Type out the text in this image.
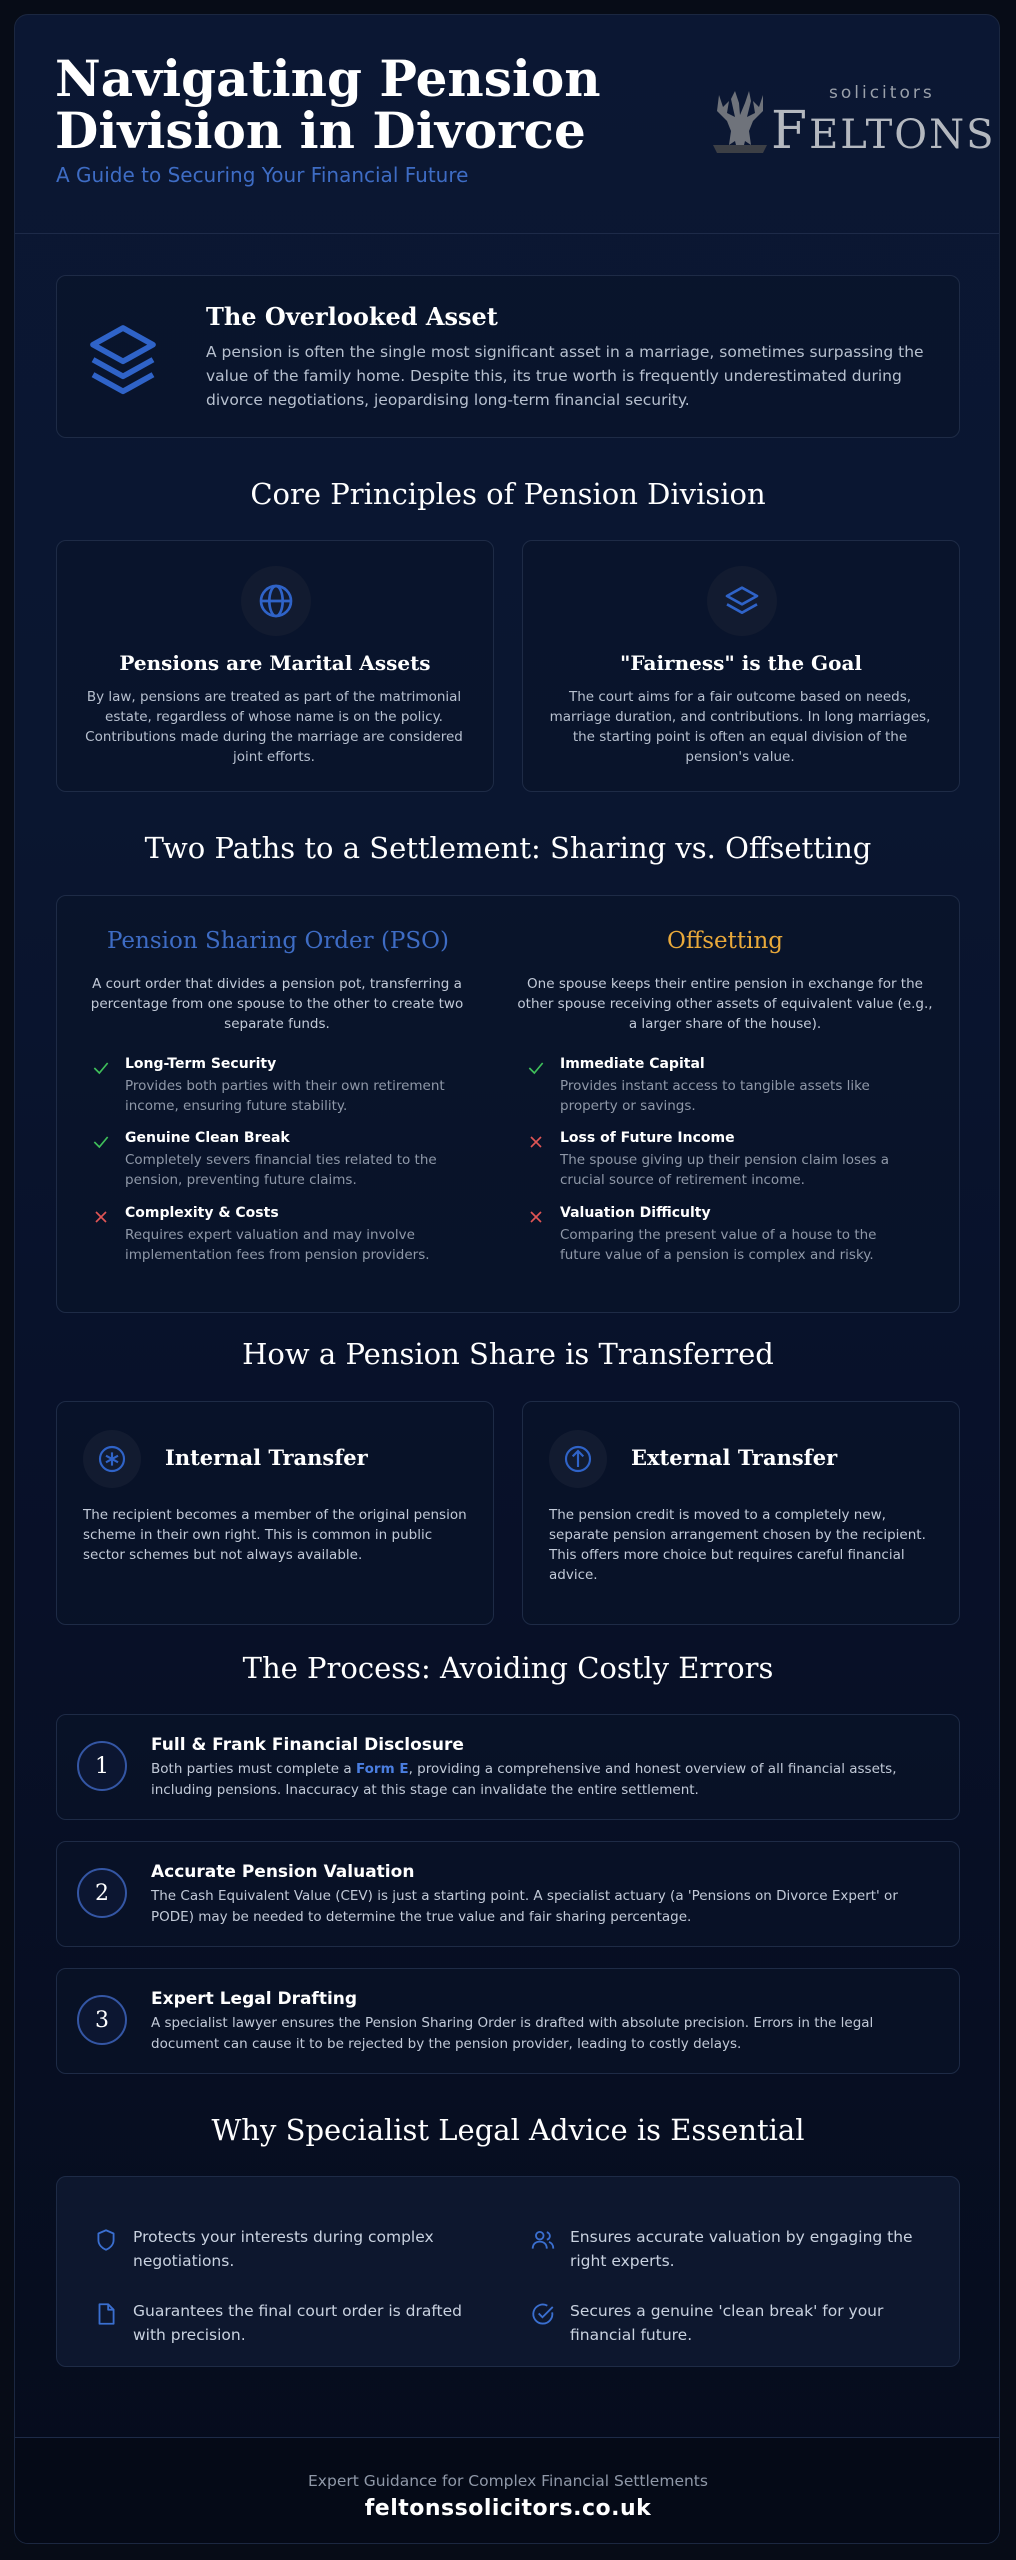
Navigating Pension
Division in Divorce
A Guide to Securing Your Financial Future
solicitors
FELTONS
The Overlooked Asset
A pension is often the single most significant asset in a marriage, sometimes surpassing the value of the family home. Despite this, its true worth is frequently underestimated during divorce negotiations, jeopardising long-term financial security.
Core Principles of Pension Division
Pensions are Marital Assets
By law, pensions are treated as part of the matrimonial estate, regardless of whose name is on the policy. Contributions made during the marriage are considered joint efforts.
"Fairness" is the Goal
The court aims for a fair outcome based on needs, marriage duration, and contributions. In long marriages, the starting point is often an equal division of the pension's value.
Two Paths to a Settlement: Sharing vs. Offsetting
Pension Sharing Order (PSO)
A court order that divides a pension pot, transferring a percentage from one spouse to the other to create two separate funds.
Long-Term Security
Provides both parties with their own retirement income, ensuring future stability.
Genuine Clean Break
Completely severs financial ties related to the pension, preventing future claims.
Complexity & Costs
Requires expert valuation and may involve implementation fees from pension providers.
Offsetting
One spouse keeps their entire pension in exchange for the other spouse receiving other assets of equivalent value (e.g., a larger share of the house).
Immediate Capital
Provides instant access to tangible assets like property or savings.
Loss of Future Income
The spouse giving up their pension claim loses a crucial source of retirement income.
Valuation Difficulty
Comparing the present value of a house to the future value of a pension is complex and risky.
How a Pension Share is Transferred
Internal Transfer
The recipient becomes a member of the original pension scheme in their own right. This is common in public sector schemes but not always available.
External Transfer
The pension credit is moved to a completely new, separate pension arrangement chosen by the recipient. This offers more choice but requires careful financial advice.
The Process: Avoiding Costly Errors
1
Full & Frank Financial Disclosure
Both parties must complete a Form E, providing a comprehensive and honest overview of all financial assets, including pensions. Inaccuracy at this stage can invalidate the entire settlement.
2
Accurate Pension Valuation
The Cash Equivalent Value (CEV) is just a starting point. A specialist actuary (a 'Pensions on Divorce Expert' or PODE) may be needed to determine the true value and fair sharing percentage.
3
Expert Legal Drafting
A specialist lawyer ensures the Pension Sharing Order is drafted with absolute precision. Errors in the legal document can cause it to be rejected by the pension provider, leading to costly delays.
Why Specialist Legal Advice is Essential
Protects your interests during complex negotiations.
Ensures accurate valuation by engaging the right experts.
Guarantees the final court order is drafted with precision.
Secures a genuine 'clean break' for your financial future.
Expert Guidance for Complex Financial Settlements
feltonssolicitors.co.uk
